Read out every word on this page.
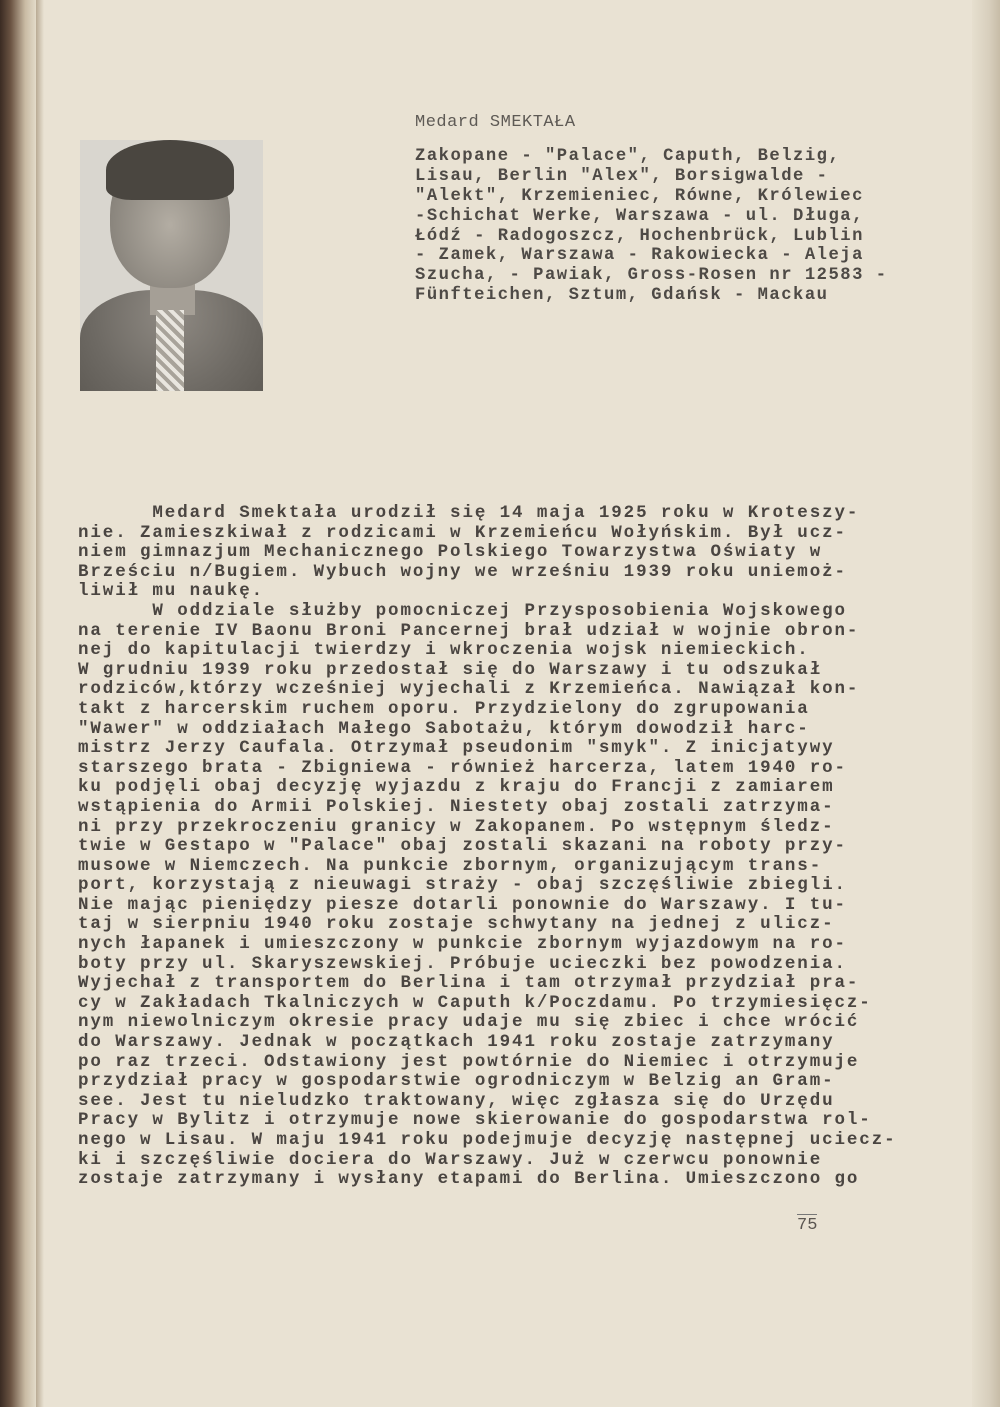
Medard SMEKTAŁA
Zakopane - "Palace", Caputh, Belzig,
Lisau, Berlin "Alex", Borsigwalde -
"Alekt", Krzemieniec, Równe, Królewiec
-Schichat Werke, Warszawa - ul. Długa,
Łódź - Radogoszcz, Hochenbrück, Lublin
- Zamek, Warszawa - Rakowiecka - Aleja
Szucha, - Pawiak, Gross-Rosen nr 12583 -
Fünfteichen, Sztum, Gdańsk - Mackau
Medard Smektała urodził się 14 maja 1925 roku w Kroteszy-
nie. Zamieszkiwał z rodzicami w Krzemieńcu Wołyńskim. Był ucz-
niem gimnazjum Mechanicznego Polskiego Towarzystwa Oświaty w
Brześciu n/Bugiem. Wybuch wojny we wrześniu 1939 roku uniemoż-
liwił mu naukę.
W oddziale służby pomocniczej Przysposobienia Wojskowego
na terenie IV Baonu Broni Pancernej brał udział w wojnie obron-
nej do kapitulacji twierdzy i wkroczenia wojsk niemieckich.
W grudniu 1939 roku przedostał się do Warszawy i tu odszukał
rodziców,którzy wcześniej wyjechali z Krzemieńca. Nawiązał kon-
takt z harcerskim ruchem oporu. Przydzielony do zgrupowania
"Wawer" w oddziałach Małego Sabotażu, którym dowodził harc-
mistrz Jerzy Caufala. Otrzymał pseudonim "smyk". Z inicjatywy
starszego brata - Zbigniewa - również harcerza, latem 1940 ro-
ku podjęli obaj decyzję wyjazdu z kraju do Francji z zamiarem
wstąpienia do Armii Polskiej. Niestety obaj zostali zatrzyma-
ni przy przekroczeniu granicy w Zakopanem. Po wstępnym śledz-
twie w Gestapo w "Palace" obaj zostali skazani na roboty przy-
musowe w Niemczech. Na punkcie zbornym, organizującym trans-
port, korzystają z nieuwagi straży - obaj szczęśliwie zbiegli.
Nie mając pieniędzy piesze dotarli ponownie do Warszawy. I tu-
taj w sierpniu 1940 roku zostaje schwytany na jednej z ulicz-
nych łapanek i umieszczony w punkcie zbornym wyjazdowym na ro-
boty przy ul. Skaryszewskiej. Próbuje ucieczki bez powodzenia.
Wyjechał z transportem do Berlina i tam otrzymał przydział pra-
cy w Zakładach Tkalniczych w Caputh k/Poczdamu. Po trzymiesięcz-
nym niewolniczym okresie pracy udaje mu się zbiec i chce wrócić
do Warszawy. Jednak w początkach 1941 roku zostaje zatrzymany
po raz trzeci. Odstawiony jest powtórnie do Niemiec i otrzymuje
przydział pracy w gospodarstwie ogrodniczym w Belzig an Gram-
see. Jest tu nieludzko traktowany, więc zgłasza się do Urzędu
Pracy w Bylitz i otrzymuje nowe skierowanie do gospodarstwa rol-
nego w Lisau. W maju 1941 roku podejmuje decyzję następnej uciecz-
ki i szczęśliwie dociera do Warszawy. Już w czerwcu ponownie
zostaje zatrzymany i wysłany etapami do Berlina. Umieszczono go
75
